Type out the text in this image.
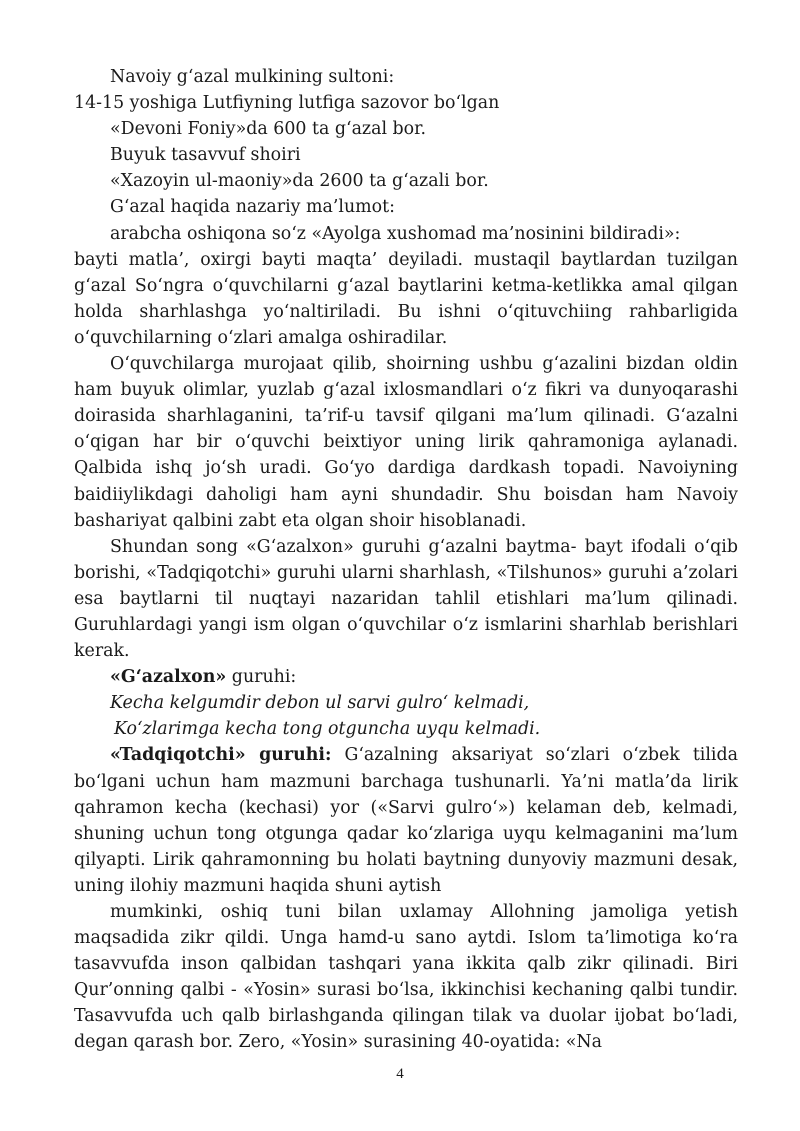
Navoiy g‘azal mulkining sultoni:
14-15 yoshiga Lutfiyning lutfiga sazovor bo‘lgan
«Devoni Foniy»da 600 ta g‘azal bor.
Buyuk tasavvuf shoiri
«Xazoyin ul-maoniy»da 2600 ta g‘azali bor.
G‘azal haqida nazariy ma’lumot:
arabcha oshiqona so‘z «Ayolga xushomad ma’nosinini bildiradi»:
bayti matla’, oxirgi bayti maqta’ deyiladi. mustaqil baytlardan tuzilgan g‘azal So‘ngra o‘quvchilarni g‘azal baytlarini ketma-ketlikka amal qilgan holda sharhlashga yo‘naltiriladi. Bu ishni o‘qituvchiing rahbarligida o‘quvchilarning o‘zlari amalga oshiradilar.
O‘quvchilarga murojaat qilib, shoirning ushbu g‘azalini bizdan oldin ham buyuk olimlar, yuzlab g‘azal ixlosmandlari o‘z fikri va dunyoqarashi doirasida sharhlaganini, ta’rif-u tavsif qilgani ma’lum qilinadi. G‘azalni o‘qigan har bir o‘quvchi beixtiyor uning lirik qahramoniga aylanadi. Qalbida ishq jo‘sh uradi. Go‘yo dardiga dardkash topadi. Navoiyning baidiiylikdagi daholigi ham ayni shundadir. Shu boisdan ham Navoiy bashariyat qalbini zabt eta olgan shoir hisoblanadi.
Shundan song «G‘azalxon» guruhi g‘azalni baytma- bayt ifodali o‘qib borishi, «Tadqiqotchi» guruhi ularni sharhlash, «Tilshunos» guruhi a’zolari esa baytlarni til nuqtayi nazaridan tahlil etishlari ma’lum qilinadi. Guruhlardagi yangi ism olgan o‘quvchilar o‘z ismlarini sharhlab berishlari kerak.
«G‘azalxon» guruhi:
Kecha kelgumdir debon ul sarvi gulro‘ kelmadi,
Ko‘zlarimga kecha tong otguncha uyqu kelmadi.
«Tadqiqotchi» guruhi: G‘azalning aksariyat so‘zlari o‘zbek tilida bo‘lgani uchun ham mazmuni barchaga tushunarli. Ya’ni matla’da lirik qahramon kecha (kechasi) yor («Sarvi gulro‘») kelaman deb, kelmadi, shuning uchun tong otgunga qadar ko‘zlariga uyqu kelmaganini ma’lum qilyapti. Lirik qahramonning bu holati baytning dunyoviy mazmuni desak, uning ilohiy mazmuni haqida shuni aytish
mumkinki, oshiq tuni bilan uxlamay Allohning jamoliga yetish maqsadida zikr qildi. Unga hamd-u sano aytdi. Islom ta’limotiga ko‘ra tasavvufda inson qalbidan tashqari yana ikkita qalb zikr qilinadi. Biri Qur’onning qalbi - «Yosin» surasi bo‘lsa, ikkinchisi kechaning qalbi tundir. Tasavvufda uch qalb birlashganda qilingan tilak va duolar ijobat bo‘ladi, degan qarash bor. Zero, «Yosin» surasining 40-oyatida: «Na
4
